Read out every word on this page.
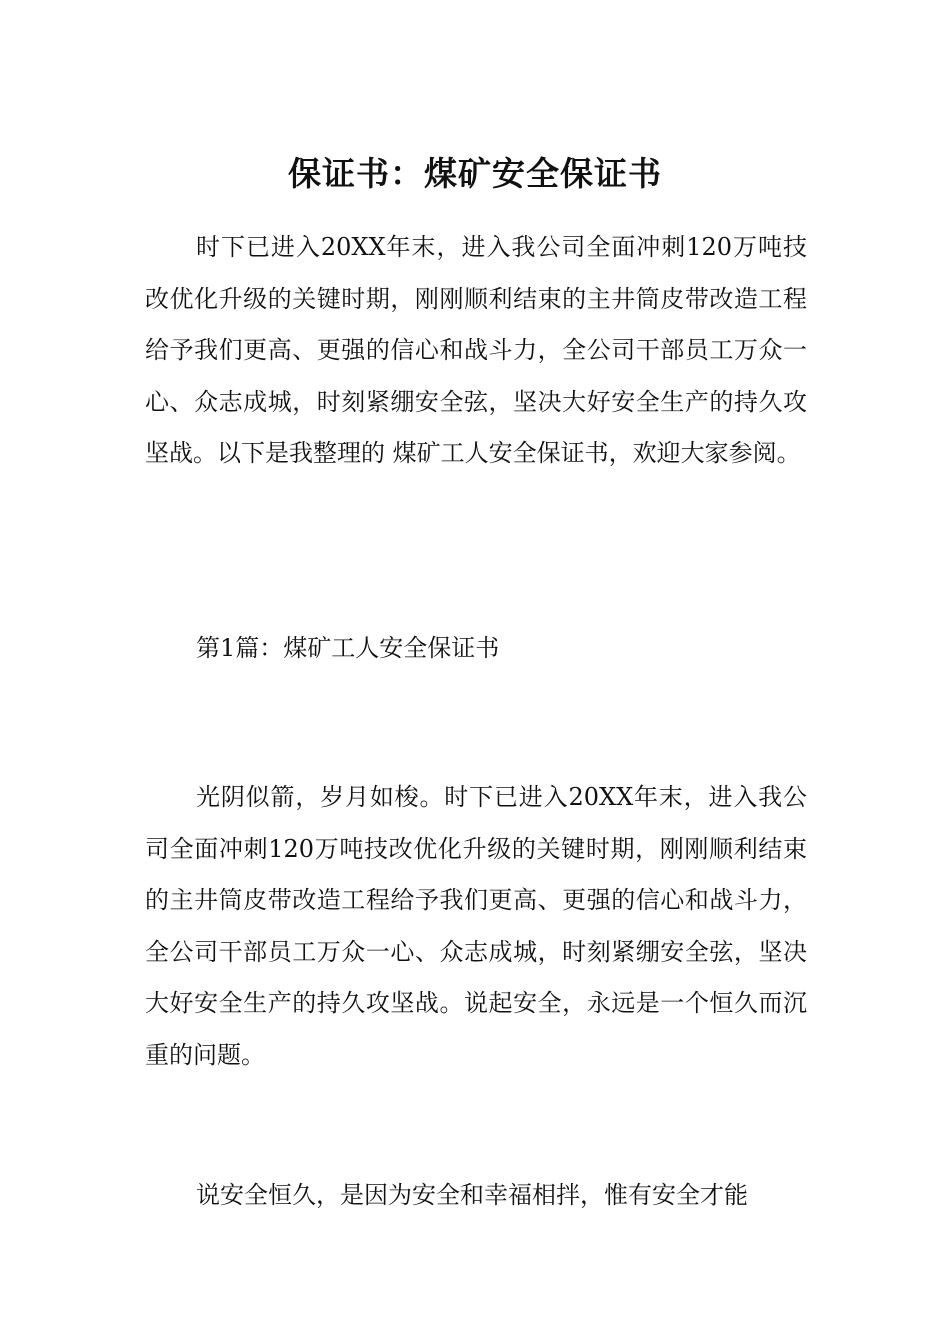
保证书：煤矿安全保证书

时下已进入20XX年末，进入我公司全面冲刺120万吨技改优化升级的关键时期，刚刚顺利结束的主井筒皮带改造工程给予我们更高、更强的信心和战斗力，全公司干部员工万众一心、众志成城，时刻紧绷安全弦，坚决大好安全生产的持久攻坚战。以下是我整理的 煤矿工人安全保证书，欢迎大家参阅。

第1篇：煤矿工人安全保证书

光阴似箭，岁月如梭。时下已进入20XX年末，进入我公司全面冲刺120万吨技改优化升级的关键时期，刚刚顺利结束的主井筒皮带改造工程给予我们更高、更强的信心和战斗力，全公司干部员工万众一心、众志成城，时刻紧绷安全弦，坚决大好安全生产的持久攻坚战。说起安全，永远是一个恒久而沉重的问题。

说安全恒久，是因为安全和幸福相拌，惟有安全才能
